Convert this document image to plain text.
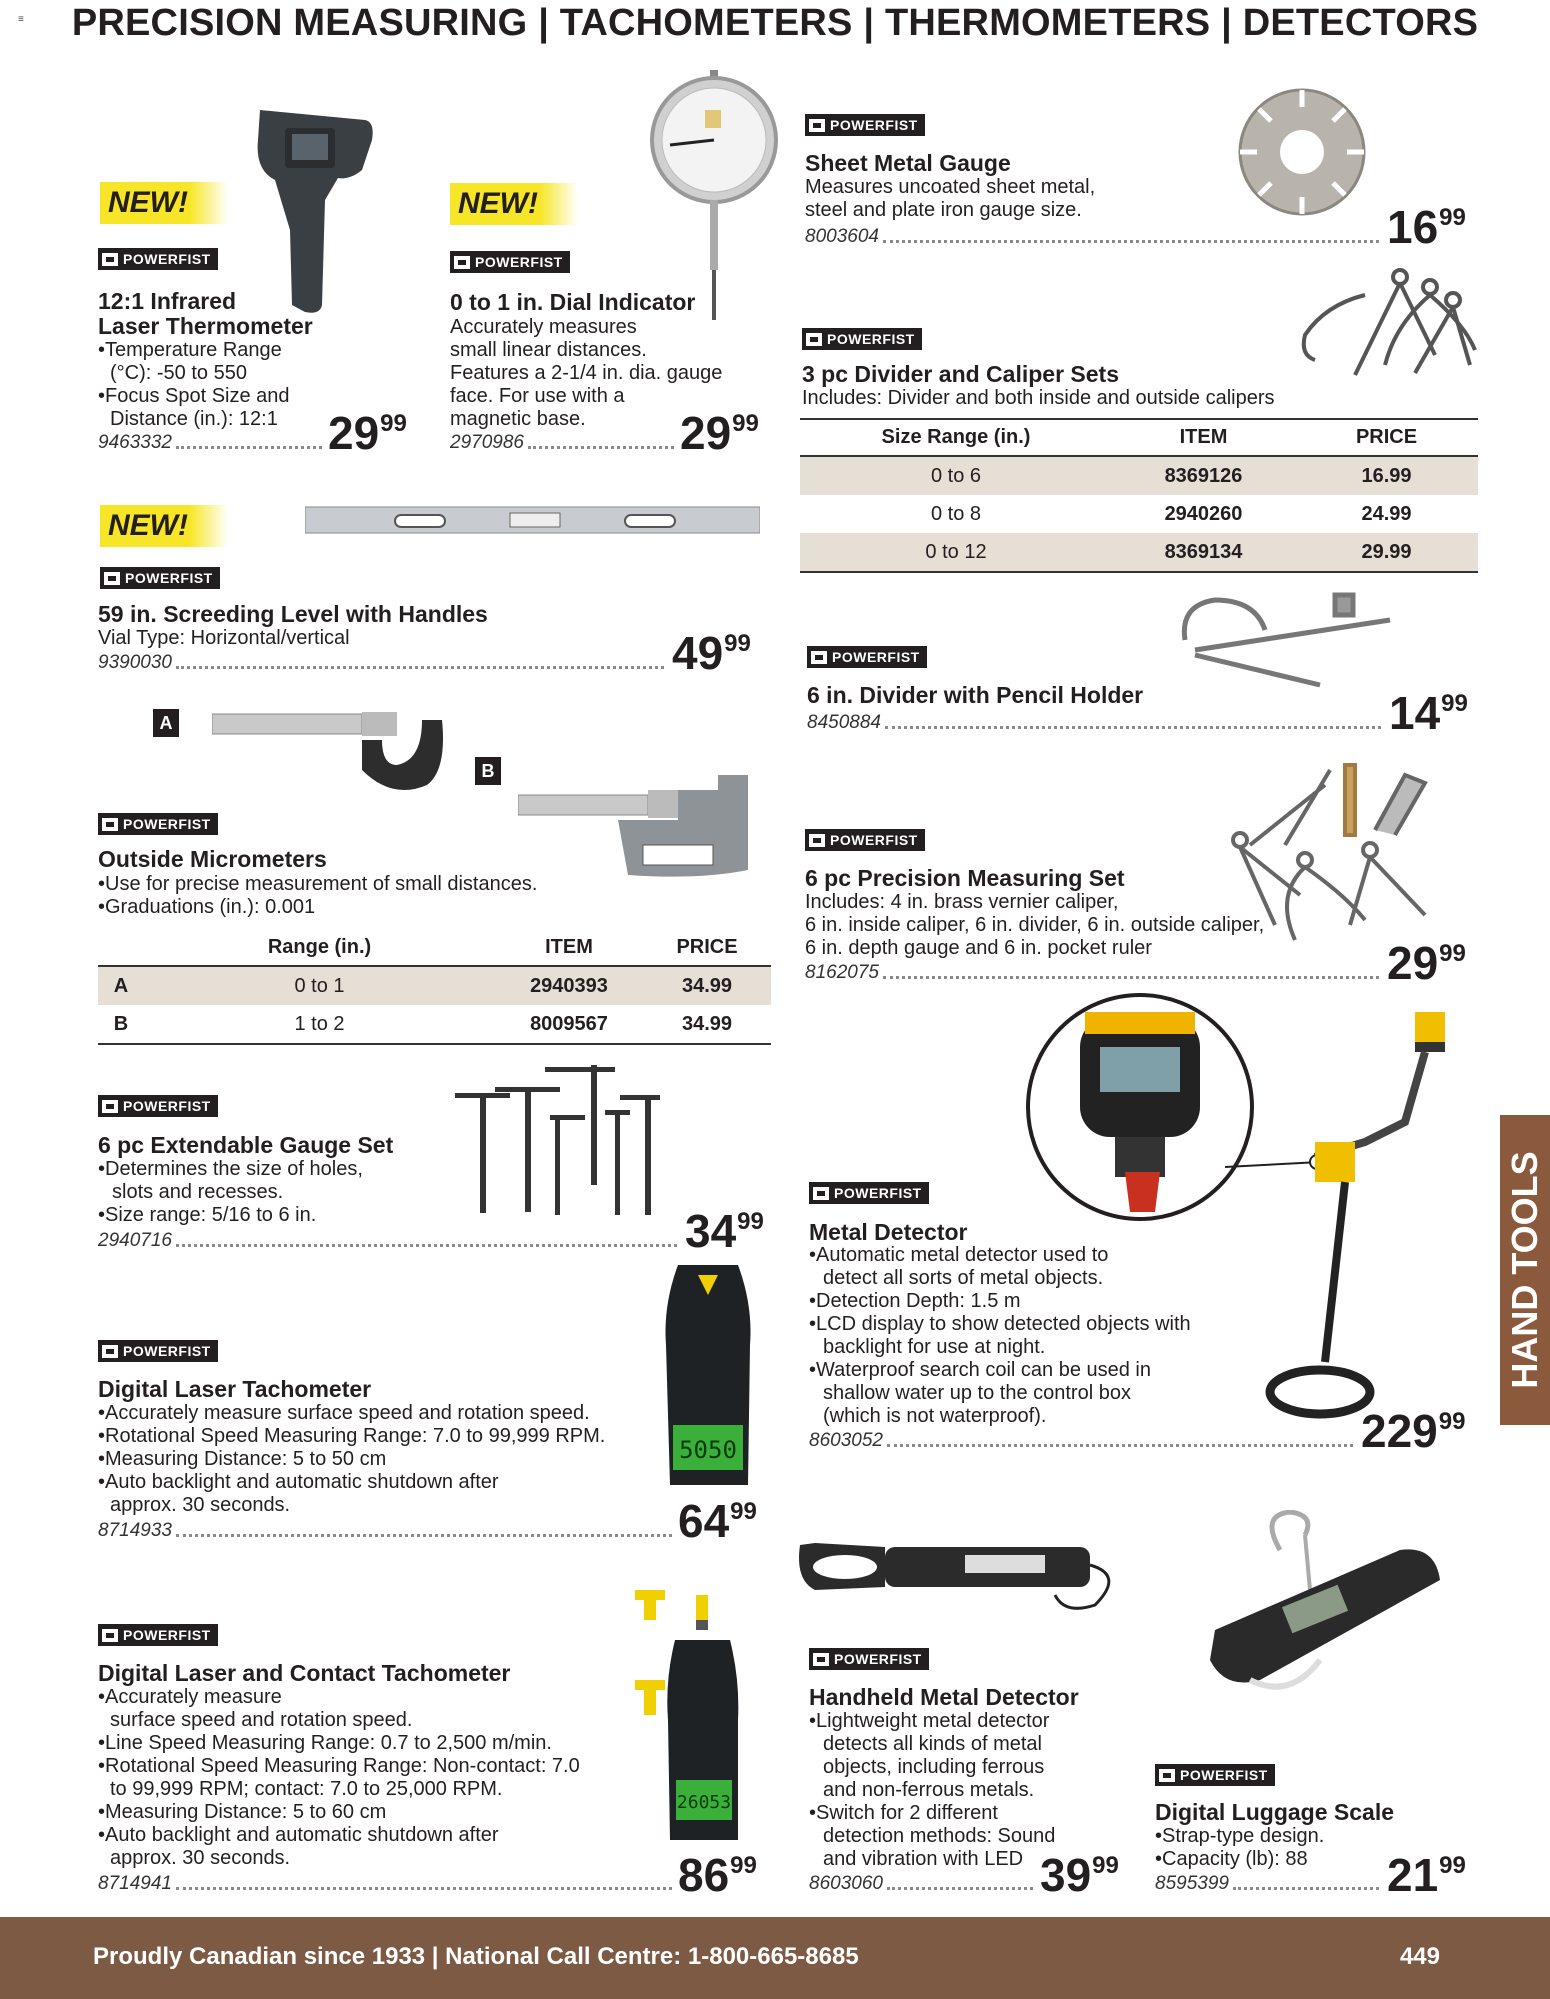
≡	PRECISION MEASURING | TACHOMETERS | THERMOMETERS | DETECTORS
NEW!
POWERFIST
12:1 Infrared
Laser Thermometer
•Temperature Range
(°C): -50 to 550
•Focus Spot Size and
Distance (in.): 12:1
9463332	29 99
NEW!
POWERFIST
0 to 1 in. Dial Indicator
Accurately measures
small linear distances.
Features a 2-1/4 in. dia. gauge
face. For use with a
magnetic base.
2970986	29 99
NEW!
POWERFIST
59 in. Screeding Level with Handles
Vial Type: Horizontal/vertical
9390030	49 99
A
B
POWERFIST
Outside Micrometers
•Use for precise measurement of small distances.
•Graduations (in.): 0.001
	Range (in.)	ITEM	PRICE
A	0 to 1	2940393	34.99
B	1 to 2	8009567	34.99
POWERFIST
6 pc Extendable Gauge Set
•Determines the size of holes,
slots and recesses.
•Size range: 5/16 to 6 in.
2940716	34 99
5050
POWERFIST
Digital Laser Tachometer
•Accurately measure surface speed and rotation speed.
•Rotational Speed Measuring Range: 7.0 to 99,999 RPM.
•Measuring Distance: 5 to 50 cm
•Auto backlight and automatic shutdown after
approx. 30 seconds.
8714933	64 99
26053
POWERFIST
Digital Laser and Contact Tachometer
•Accurately measure
surface speed and rotation speed.
•Line Speed Measuring Range: 0.7 to 2,500 m/min.
•Rotational Speed Measuring Range: Non-contact: 7.0
to 99,999 RPM; contact: 7.0 to 25,000 RPM.
•Measuring Distance: 5 to 60 cm
•Auto backlight and automatic shutdown after
approx. 30 seconds.
8714941	86 99
POWERFIST
Sheet Metal Gauge
Measures uncoated sheet metal,
steel and plate iron gauge size.
8003604	16 99
POWERFIST
3 pc Divider and Caliper Sets
Includes: Divider and both inside and outside calipers
Size Range (in.)	ITEM	PRICE
0 to 6	8369126	16.99
0 to 8	2940260	24.99
0 to 12	8369134	29.99
POWERFIST
6 in. Divider with Pencil Holder
8450884	14 99
POWERFIST
6 pc Precision Measuring Set
Includes: 4 in. brass vernier caliper,
6 in. inside caliper, 6 in. divider, 6 in. outside caliper,
6 in. depth gauge and 6 in. pocket ruler
8162075	29 99
POWERFIST
Metal Detector
•Automatic metal detector used to
detect all sorts of metal objects.
•Detection Depth: 1.5 m
•LCD display to show detected objects with
backlight for use at night.
•Waterproof search coil can be used in
shallow water up to the control box
(which is not waterproof).
8603052	229 99
POWERFIST
Handheld Metal Detector
•Lightweight metal detector
detects all kinds of metal
objects, including ferrous
and non-ferrous metals.
•Switch for 2 different
detection methods: Sound
and vibration with LED
8603060	39 99
POWERFIST
Digital Luggage Scale
•Strap-type design.
•Capacity (lb): 88
8595399	21 99
HAND TOOLS
Proudly Canadian since 1933 | National Call Centre: 1-800-665-8685	449
